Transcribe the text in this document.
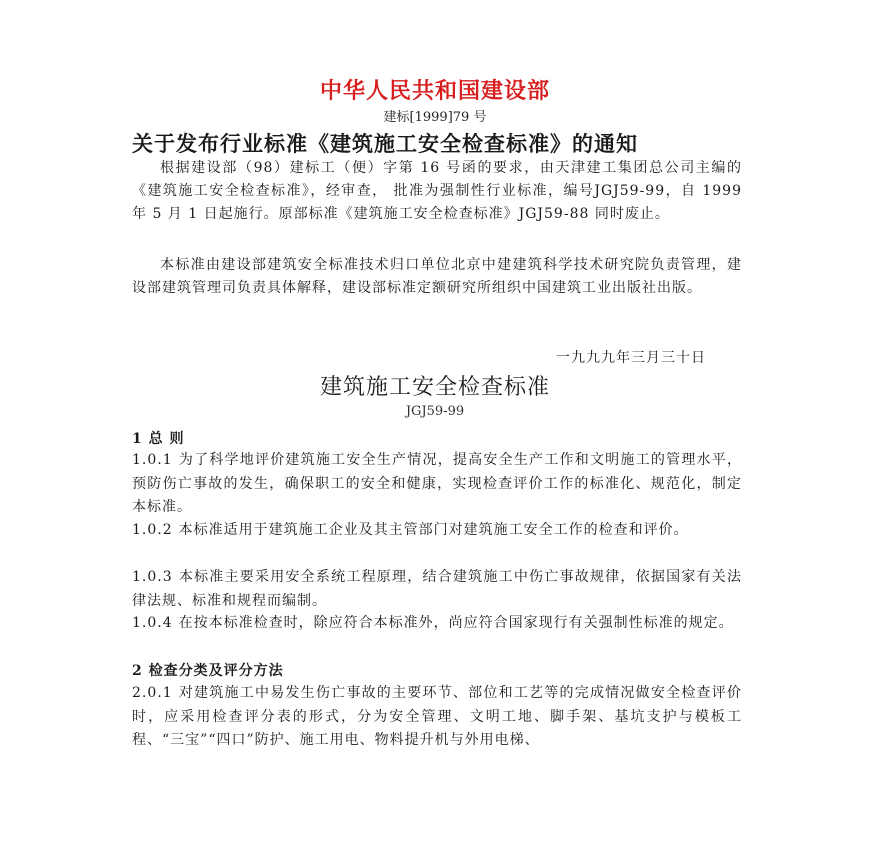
中华人民共和国建设部
建标[1999]79 号
关于发布行业标准《建筑施工安全检查标准》的通知
根据建设部（98）建标工（便）字第 16 号函的要求，由天津建工集团总公司主编的《建筑施工安全检查标准》，经审查， 批准为强制性行业标准，编号JGJ59-99，自 1999 年 5 月 1 日起施行。原部标准《建筑施工安全检查标准》JGJ59-88 同时废止。
本标准由建设部建筑安全标准技术归口单位北京中建建筑科学技术研究院负责管理，建设部建筑管理司负责具体解释，建设部标准定额研究所组织中国建筑工业出版社出版。
一九九九年三月三十日
建筑施工安全检查标准
JGJ59-99
1 总 则
1.0.1 为了科学地评价建筑施工安全生产情况，提高安全生产工作和文明施工的管理水平，预防伤亡事故的发生，确保职工的安全和健康，实现检查评价工作的标准化、规范化，制定本标准。
1.0.2 本标准适用于建筑施工企业及其主管部门对建筑施工安全工作的检查和评价。
1.0.3 本标准主要采用安全系统工程原理，结合建筑施工中伤亡事故规律，依据国家有关法律法规、标准和规程而编制。
1.0.4 在按本标准检查时，除应符合本标准外，尚应符合国家现行有关强制性标准的规定。
2 检查分类及评分方法
2.0.1 对建筑施工中易发生伤亡事故的主要环节、部位和工艺等的完成情况做安全检查评价时，应采用检查评分表的形式，分为安全管理、文明工地、脚手架、基坑支护与模板工程、“三宝”“四口”防护、施工用电、物料提升机与外用电梯、
